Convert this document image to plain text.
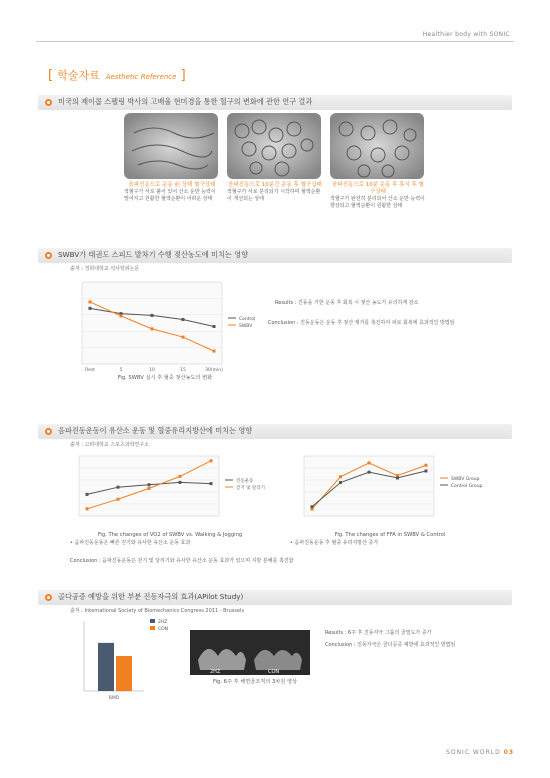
Healthier body with SONIC
[ 학술자료 Aesthetic Reference ]
미국의 제이콥 스펠링 박사의 고배율 현미경을 통한 혈구의 변화에 관한 연구 결과
음파진동으로 운동 前 상태 혈구상태
적혈구가 서로 붙어 있어 산소 운반 능력이 떨어지고 원활한 혈액순환이 어려운 상태
음파진동으로 10분간 운동 후 혈구상태
적혈구가 서로 분리되기 시작하며 혈액순환이 개선되는 상태
음파진동으로 10분 운동 후 휴식 후 혈구상태
적혈구가 완전히 분리되어 산소 운반 능력이 향상되고 혈액순환이 원활한 상태
SWBV가 태권도 스피드 발차기 수행 젖산농도에 미치는 영향
출처 : 경희대학교 석사학위논문
Rest	5	10	15	30(min)
Control
SWBV
Fig. SWBV 실시 후 혈중 젖산농도의 변화
Results : 진동을 가한 운동 후 회복 시 젖산 농도가 유의하게 감소
Conclusion : 진동운동은 운동 후 젖산 제거를 촉진하여 피로 회복에 효과적인 방법임
음파진동운동이 유산소 운동 및 혈중유리지방산에 미치는 영향
출처 : 고려대학교 스포츠과학연구소
진동운동
걷기 및 달리기
Fig. The changes of VO2 of SWBV vs. Walking & Jogging
• 음파진동운동은 빠른 걷기와 유사한 유산소 운동 효과
SWBV Group
Control Group
Fig. The changes of FFA in SWBV & Control
• 음파진동운동 후 혈중 유리지방산 증가
Conclusion : 음파진동운동은 걷기 및 달리기와 유사한 유산소 운동 효과가 있으며 지방 분해를 촉진함
골다공증 예방을 위한 부분 진동자극의 효과(APilot Study)
출처 : International Society of Biomechanics Congress 2011 - Brussels
2HZ
CON
BMD
2HZ	CON
Fig. 6주 후 해면골조직의 3차원 영상
Results : 6주 후 진동자극 그룹의 골밀도가 증가
Conclusion : 진동자극은 골다공증 예방에 효과적인 방법임
SONIC WORLD 03
